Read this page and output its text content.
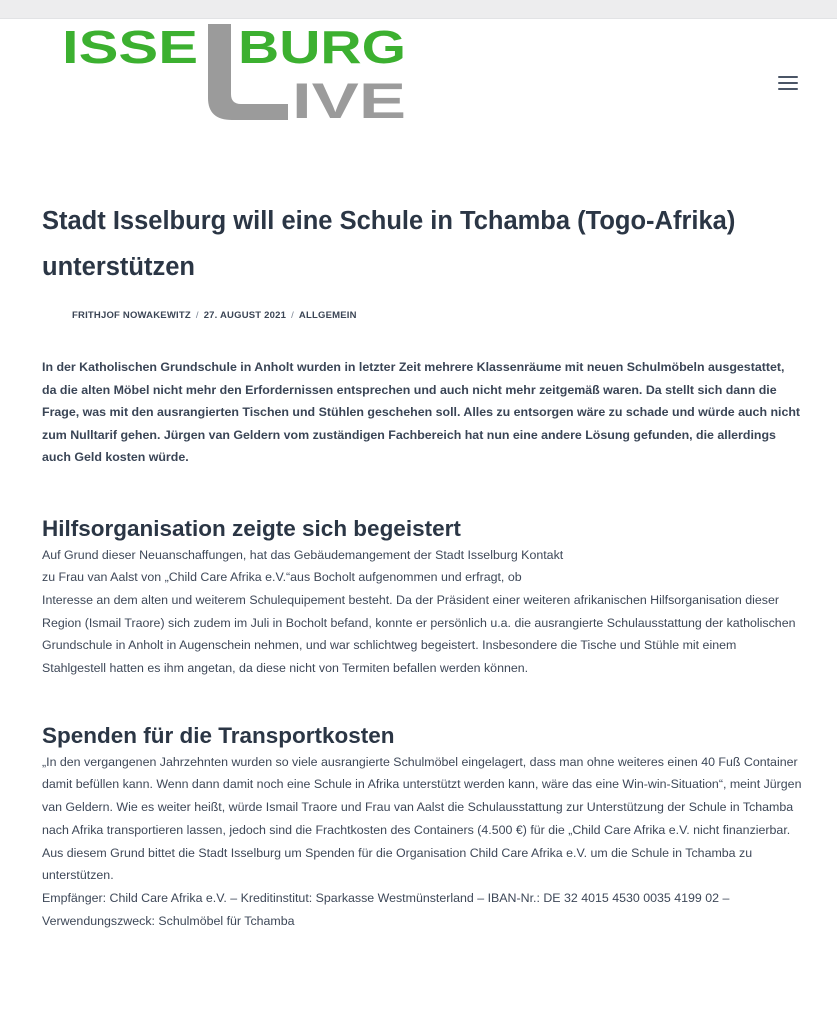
ISSE BURG
IVE
Stadt Isselburg will eine Schule in Tchamba (Togo-Afrika) unterstützen
FRITHJOF NOWAKEWITZ / 27. AUGUST 2021 / ALLGEMEIN

In der Katholischen Grundschule in Anholt wurden in letzter Zeit mehrere Klassenräume mit neuen Schulmöbeln ausgestattet, da die alten Möbel nicht mehr den Erfordernissen entsprechen und auch nicht mehr zeitgemäß waren. Da stellt sich dann die Frage, was mit den ausrangierten Tischen und Stühlen geschehen soll. Alles zu entsorgen wäre zu schade und würde auch nicht zum Nulltarif gehen. Jürgen van Geldern vom zuständigen Fachbereich hat nun eine andere Lösung gefunden, die allerdings auch Geld kosten würde.

Hilfsorganisation zeigte sich begeistert

Auf Grund dieser Neuanschaffungen, hat das Gebäudemangement der Stadt Isselburg Kontakt
zu Frau van Aalst von „Child Care Afrika e.V.“aus Bocholt aufgenommen und erfragt, ob
Interesse an dem alten und weiterem Schulequipement besteht. Da der Präsident einer weiteren afrikanischen Hilfsorganisation dieser Region (Ismail Traore) sich zudem im Juli in Bocholt befand, konnte er persönlich u.a. die ausrangierte Schulausstattung der katholischen Grundschule in Anholt in Augenschein nehmen, und war schlichtweg begeistert. Insbesondere die Tische und Stühle mit einem Stahlgestell hatten es ihm angetan, da diese nicht von Termiten befallen werden können.

Spenden für die Transportkosten

„In den vergangenen Jahrzehnten wurden so viele ausrangierte Schulmöbel eingelagert, dass man ohne weiteres einen 40 Fuß Container damit befüllen kann. Wenn dann damit noch eine Schule in Afrika unterstützt werden kann, wäre das eine Win-win-Situation“, meint Jürgen van Geldern. Wie es weiter heißt, würde Ismail Traore und Frau van Aalst die Schulausstattung zur Unterstützung der Schule in Tchamba nach Afrika transportieren lassen, jedoch sind die Frachtkosten des Containers (4.500 €) für die „Child Care Afrika e.V. nicht finanzierbar. Aus diesem Grund bittet die Stadt Isselburg um Spenden für die Organisation Child Care Afrika e.V. um die Schule in Tchamba zu unterstützen.

Empfänger: Child Care Afrika e.V. – Kreditinstitut: Sparkasse Westmünsterland – IBAN-Nr.: DE 32 4015 4530 0035 4199 02 – Verwendungszweck: Schulmöbel für Tchamba
